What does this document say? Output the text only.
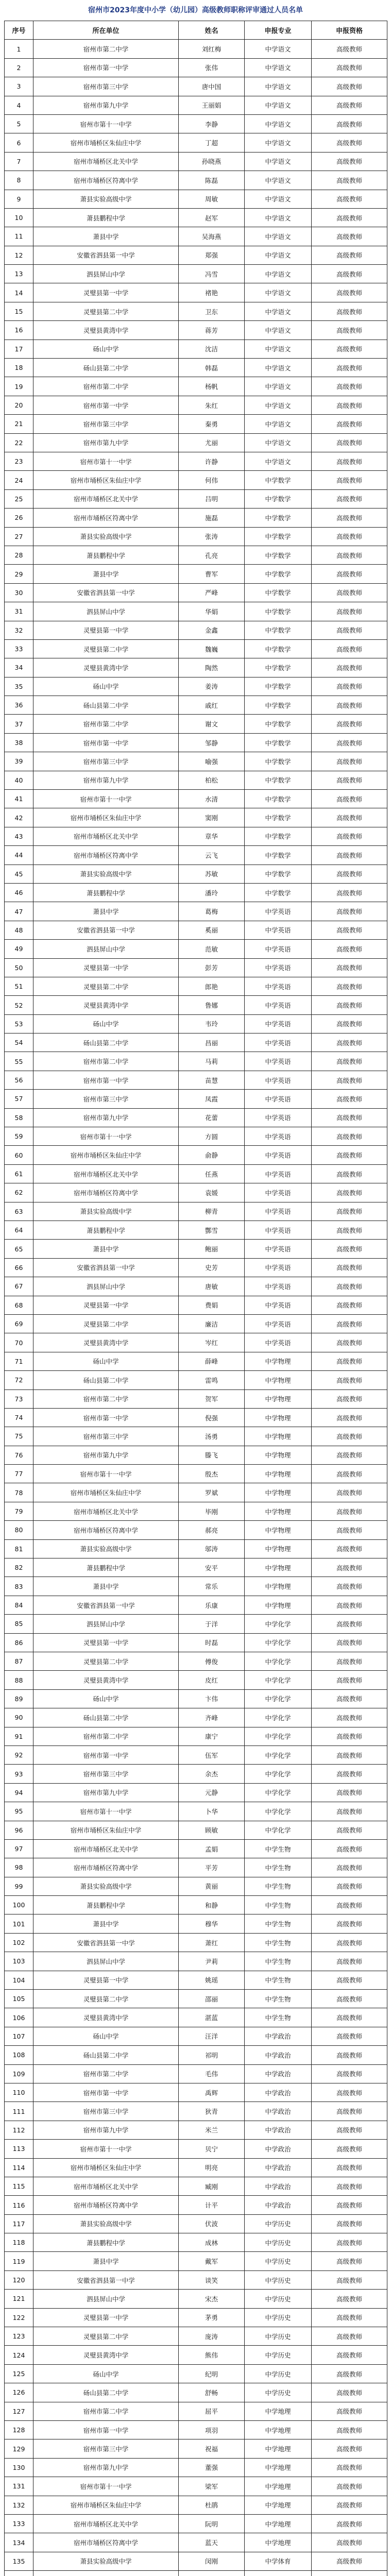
宿州市2023年度中小学（幼儿园）高级教师职称评审通过人员名单
序号	所在单位	姓名	申报专业	申报资格
1	宿州市第二中学	刘红梅	中学语文	高级教师
2	宿州市第一中学	张伟	中学语文	高级教师
3	宿州市第三中学	唐中国	中学语文	高级教师
4	宿州市第九中学	王丽娟	中学语文	高级教师
5	宿州市第十一中学	李静	中学语文	高级教师
6	宿州市埇桥区朱仙庄中学	丁超	中学语文	高级教师
7	宿州市埇桥区北关中学	孙晓燕	中学语文	高级教师
8	宿州市埇桥区符离中学	陈磊	中学语文	高级教师
9	萧县实验高级中学	周敏	中学语文	高级教师
10	萧县鹏程中学	赵军	中学语文	高级教师
11	萧县中学	吴海燕	中学语文	高级教师
12	安徽省泗县第一中学	郑强	中学语文	高级教师
13	泗县屏山中学	冯雪	中学语文	高级教师
14	灵璧县第一中学	褚艳	中学语文	高级教师
15	灵璧县第二中学	卫东	中学语文	高级教师
16	灵璧县黄湾中学	蒋芳	中学语文	高级教师
17	砀山中学	沈洁	中学语文	高级教师
18	砀山县第二中学	韩磊	中学语文	高级教师
19	宿州市第二中学	杨帆	中学语文	高级教师
20	宿州市第一中学	朱红	中学语文	高级教师
21	宿州市第三中学	秦勇	中学语文	高级教师
22	宿州市第九中学	尤丽	中学语文	高级教师
23	宿州市第十一中学	许静	中学语文	高级教师
24	宿州市埇桥区朱仙庄中学	何伟	中学数学	高级教师
25	宿州市埇桥区北关中学	吕明	中学数学	高级教师
26	宿州市埇桥区符离中学	施磊	中学数学	高级教师
27	萧县实验高级中学	张涛	中学数学	高级教师
28	萧县鹏程中学	孔亮	中学数学	高级教师
29	萧县中学	曹军	中学数学	高级教师
30	安徽省泗县第一中学	严峰	中学数学	高级教师
31	泗县屏山中学	华娟	中学数学	高级教师
32	灵璧县第一中学	金鑫	中学数学	高级教师
33	灵璧县第二中学	魏巍	中学数学	高级教师
34	灵璧县黄湾中学	陶然	中学数学	高级教师
35	砀山中学	姜涛	中学数学	高级教师
36	砀山县第二中学	戚红	中学数学	高级教师
37	宿州市第二中学	谢文	中学数学	高级教师
38	宿州市第一中学	邹静	中学数学	高级教师
39	宿州市第三中学	喻强	中学数学	高级教师
40	宿州市第九中学	柏松	中学数学	高级教师
41	宿州市第十一中学	水清	中学数学	高级教师
42	宿州市埇桥区朱仙庄中学	窦刚	中学数学	高级教师
43	宿州市埇桥区北关中学	章华	中学数学	高级教师
44	宿州市埇桥区符离中学	云飞	中学数学	高级教师
45	萧县实验高级中学	苏敏	中学数学	高级教师
46	萧县鹏程中学	潘玲	中学数学	高级教师
47	萧县中学	葛梅	中学英语	高级教师
48	安徽省泗县第一中学	奚丽	中学英语	高级教师
49	泗县屏山中学	范敏	中学英语	高级教师
50	灵璧县第一中学	彭芳	中学英语	高级教师
51	灵璧县第二中学	郎艳	中学英语	高级教师
52	灵璧县黄湾中学	鲁娜	中学英语	高级教师
53	砀山中学	韦玲	中学英语	高级教师
54	砀山县第二中学	昌丽	中学英语	高级教师
55	宿州市第二中学	马莉	中学英语	高级教师
56	宿州市第一中学	苗慧	中学英语	高级教师
57	宿州市第三中学	凤霞	中学英语	高级教师
58	宿州市第九中学	花蕾	中学英语	高级教师
59	宿州市第十一中学	方圆	中学英语	高级教师
60	宿州市埇桥区朱仙庄中学	俞静	中学英语	高级教师
61	宿州市埇桥区北关中学	任燕	中学英语	高级教师
62	宿州市埇桥区符离中学	袁媛	中学英语	高级教师
63	萧县实验高级中学	柳青	中学英语	高级教师
64	萧县鹏程中学	酆雪	中学英语	高级教师
65	萧县中学	鲍丽	中学英语	高级教师
66	安徽省泗县第一中学	史芳	中学英语	高级教师
67	泗县屏山中学	唐敏	中学英语	高级教师
68	灵璧县第一中学	费娟	中学英语	高级教师
69	灵璧县第二中学	廉洁	中学英语	高级教师
70	灵璧县黄湾中学	岑红	中学英语	高级教师
71	砀山中学	薛峰	中学物理	高级教师
72	砀山县第二中学	雷鸣	中学物理	高级教师
73	宿州市第二中学	贺军	中学物理	高级教师
74	宿州市第一中学	倪强	中学物理	高级教师
75	宿州市第三中学	汤勇	中学物理	高级教师
76	宿州市第九中学	滕飞	中学物理	高级教师
77	宿州市第十一中学	殷杰	中学物理	高级教师
78	宿州市埇桥区朱仙庄中学	罗斌	中学物理	高级教师
79	宿州市埇桥区北关中学	毕刚	中学物理	高级教师
80	宿州市埇桥区符离中学	郝亮	中学物理	高级教师
81	萧县实验高级中学	邬涛	中学物理	高级教师
82	萧县鹏程中学	安平	中学物理	高级教师
83	萧县中学	常乐	中学物理	高级教师
84	安徽省泗县第一中学	乐康	中学物理	高级教师
85	泗县屏山中学	于洋	中学化学	高级教师
86	灵璧县第一中学	时磊	中学化学	高级教师
87	灵璧县第二中学	傅俊	中学化学	高级教师
88	灵璧县黄湾中学	皮红	中学化学	高级教师
89	砀山中学	卞伟	中学化学	高级教师
90	砀山县第二中学	齐峰	中学化学	高级教师
91	宿州市第二中学	康宁	中学化学	高级教师
92	宿州市第一中学	伍军	中学化学	高级教师
93	宿州市第三中学	余杰	中学化学	高级教师
94	宿州市第九中学	元静	中学化学	高级教师
95	宿州市第十一中学	卜华	中学化学	高级教师
96	宿州市埇桥区朱仙庄中学	顾敏	中学化学	高级教师
97	宿州市埇桥区北关中学	孟娟	中学生物	高级教师
98	宿州市埇桥区符离中学	平芳	中学生物	高级教师
99	萧县实验高级中学	黄丽	中学生物	高级教师
100	萧县鹏程中学	和静	中学生物	高级教师
101	萧县中学	穆华	中学生物	高级教师
102	安徽省泗县第一中学	萧红	中学生物	高级教师
103	泗县屏山中学	尹莉	中学生物	高级教师
104	灵璧县第一中学	姚瑶	中学生物	高级教师
105	灵璧县第二中学	邵丽	中学生物	高级教师
106	灵璧县黄湾中学	湛蓝	中学生物	高级教师
107	砀山中学	汪洋	中学政治	高级教师
108	砀山县第二中学	祁明	中学政治	高级教师
109	宿州市第二中学	毛伟	中学政治	高级教师
110	宿州市第一中学	禹辉	中学政治	高级教师
111	宿州市第三中学	狄青	中学政治	高级教师
112	宿州市第九中学	米兰	中学政治	高级教师
113	宿州市第十一中学	贝宁	中学政治	高级教师
114	宿州市埇桥区朱仙庄中学	明亮	中学政治	高级教师
115	宿州市埇桥区北关中学	臧刚	中学政治	高级教师
116	宿州市埇桥区符离中学	计平	中学政治	高级教师
117	萧县实验高级中学	伏波	中学历史	高级教师
118	萧县鹏程中学	成林	中学历史	高级教师
119	萧县中学	戴军	中学历史	高级教师
120	安徽省泗县第一中学	谈笑	中学历史	高级教师
121	泗县屏山中学	宋杰	中学历史	高级教师
122	灵璧县第一中学	茅勇	中学历史	高级教师
123	灵璧县第二中学	庞涛	中学历史	高级教师
124	灵璧县黄湾中学	熊伟	中学历史	高级教师
125	砀山中学	纪明	中学历史	高级教师
126	砀山县第二中学	舒畅	中学历史	高级教师
127	宿州市第二中学	屈平	中学地理	高级教师
128	宿州市第一中学	项羽	中学地理	高级教师
129	宿州市第三中学	祝福	中学地理	高级教师
130	宿州市第九中学	董强	中学地理	高级教师
131	宿州市第十一中学	梁军	中学地理	高级教师
132	宿州市埇桥区朱仙庄中学	杜鹃	中学地理	高级教师
133	宿州市埇桥区北关中学	阮明	中学地理	高级教师
134	宿州市埇桥区符离中学	蓝天	中学地理	高级教师
135	萧县实验高级中学	闵刚	中学体育	高级教师
